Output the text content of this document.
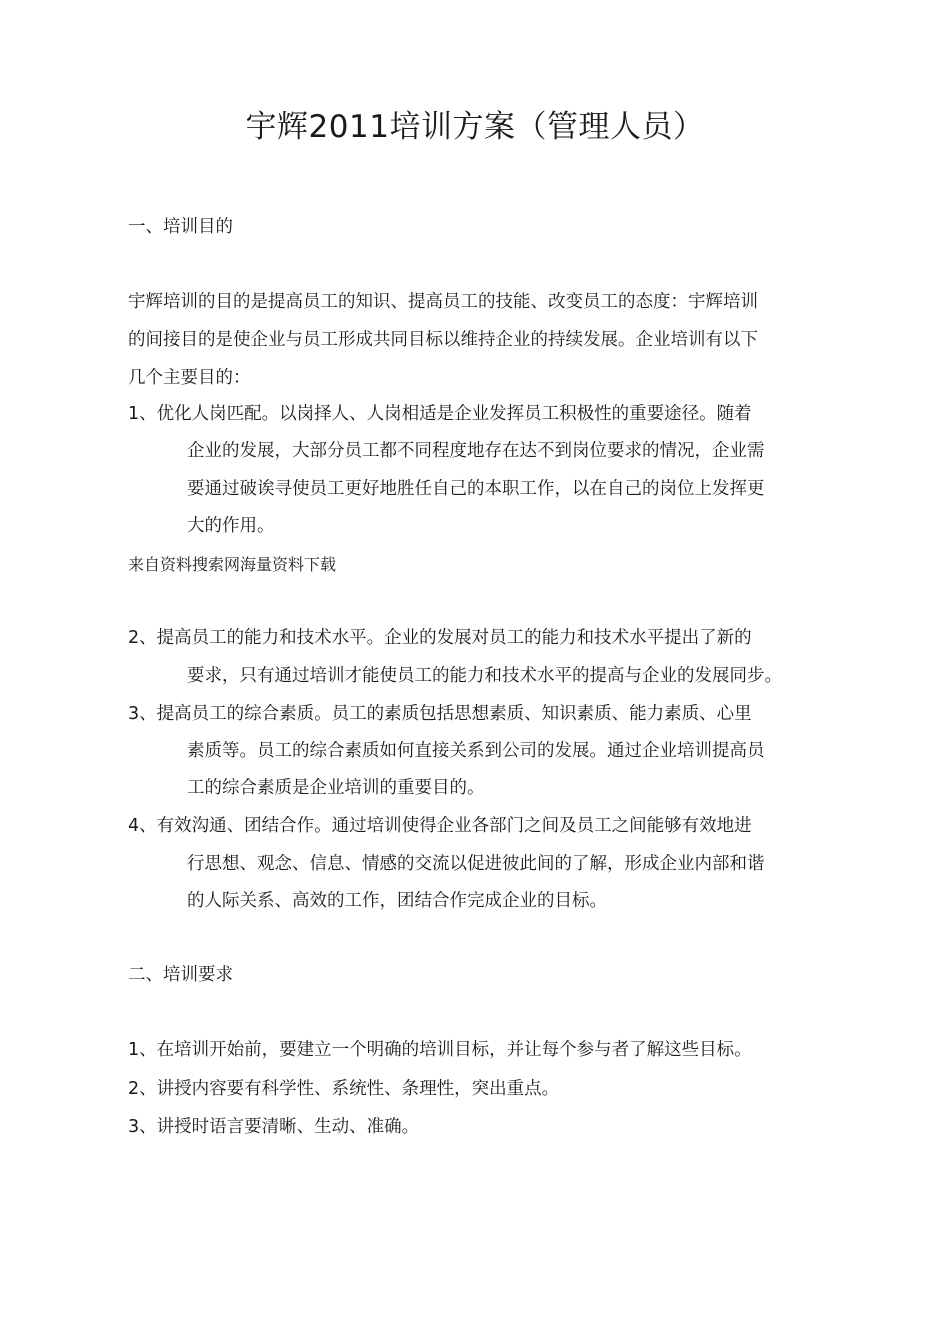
宇辉2011培训方案（管理人员）
一、培训目的
宇辉培训的目的是提高员工的知识、提高员工的技能、改变员工的态度：宇辉培训
的间接目的是使企业与员工形成共同目标以维持企业的持续发展。企业培训有以下
几个主要目的：
1、优化人岗匹配。以岗择人、人岗相适是企业发挥员工积极性的重要途径。随着
企业的发展，大部分员工都不同程度地存在达不到岗位要求的情况，企业需
要通过破诶寻使员工更好地胜任自己的本职工作，以在自己的岗位上发挥更
大的作用。
来自资料搜索网海量资料下载
2、提高员工的能力和技术水平。企业的发展对员工的能力和技术水平提出了新的
要求，只有通过培训才能使员工的能力和技术水平的提高与企业的发展同步。
3、提高员工的综合素质。员工的素质包括思想素质、知识素质、能力素质、心里
素质等。员工的综合素质如何直接关系到公司的发展。通过企业培训提高员
工的综合素质是企业培训的重要目的。
4、有效沟通、团结合作。通过培训使得企业各部门之间及员工之间能够有效地进
行思想、观念、信息、情感的交流以促进彼此间的了解，形成企业内部和谐
的人际关系、高效的工作，团结合作完成企业的目标。
二、培训要求
1、在培训开始前，要建立一个明确的培训目标，并让每个参与者了解这些目标。
2、讲授内容要有科学性、系统性、条理性，突出重点。
3、讲授时语言要清晰、生动、准确。
